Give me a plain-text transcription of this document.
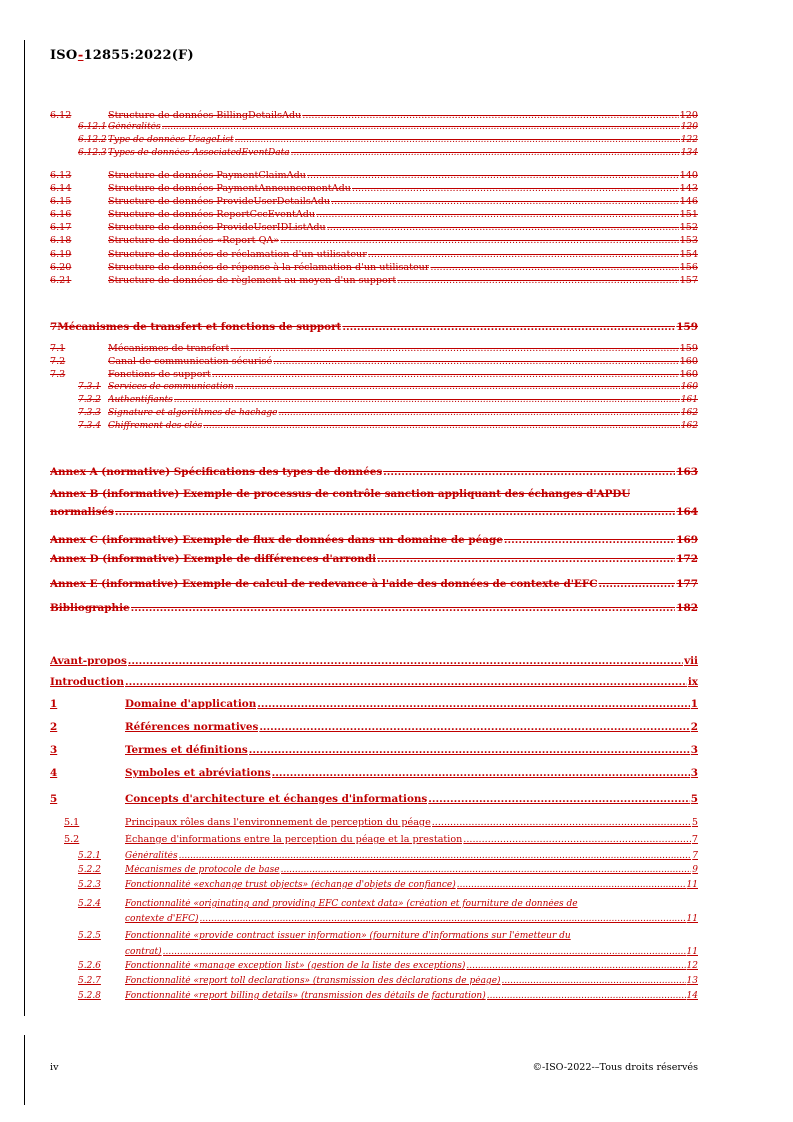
ISO-12855:2022(F)
6.12	Structure de données BillingDetailsAdu .....	120
6.12.1 Généralités .....	120
6.12.2 Type de données UsageList .....	122
6.12.3 Types de données AssociatedEventData .....	134
6.13	Structure de données PaymentClaimAdu .....	140
6.14	Structure de données PaymentAnnouncementAdu .....	143
6.15	Structure de données ProvideUserDetailsAdu .....	146
6.16	Structure de données ReportCccEventAdu .....	151
6.17	Structure de données ProvideUserIDListAdu .....	152
6.18	Structure de données «Report QA» .....	153
6.19	Structure de données de réclamation d'un utilisateur .....	154
6.20	Structure de données de réponse à la réclamation d'un utilisateur .....	156
6.21	Structure de données de règlement au moyen d'un support .....	157
7 Mécanismes de transfert et fonctions de support .....	159
7.1	Mécanismes de transfert .....	159
7.2	Canal de communication sécurisé .....	160
7.3	Fonctions de support .....	160
7.3.1 Services de communication .....	160
7.3.2 Authentifiants .....	161
7.3.3 Signature et algorithmes de hachage .....	162
7.3.4 Chiffrement des clés .....	162
Annex A (normative) Spécifications des types de données .....	163
Annex B (informative) Exemple de processus de contrôle sanction appliquant des échanges d'APDU
normalisés .....	164
Annex C (informative) Exemple de flux de données dans un domaine de péage .....	169
Annex D (informative) Exemple de différences d'arrondi .....	172
Annex E (informative) Exemple de calcul de redevance à l'aide des données de contexte d'EFC .....	177
Bibliographie .....	182
Avant-propos .....	vii
Introduction .....	ix
1	Domaine d'application .....	1
2	Références normatives .....	2
3	Termes et définitions .....	3
4	Symboles et abréviations .....	3
5	Concepts d'architecture et échanges d'informations .....	5
5.1	Principaux rôles dans l'environnement de perception du péage .....	5
5.2	Échange d'informations entre la perception du péage et la prestation .....	7
5.2.1	Généralités .....	7
5.2.2	Mécanismes de protocole de base .....	9
5.2.3	Fonctionnalité «exchange trust objects» (échange d'objets de confiance) .....	11
5.2.4	Fonctionnalité «originating and providing EFC context data» (création et fourniture de données de
contexte d'EFC) .....	11
5.2.5	Fonctionnalité «provide contract issuer information» (fourniture d'informations sur l'émetteur du
contrat) .....	11
5.2.6	Fonctionnalité «manage exception list» (gestion de la liste des exceptions) .....	12
5.2.7	Fonctionnalité «report toll declarations» (transmission des déclarations de péage) .....	13
5.2.8	Fonctionnalité «report billing details» (transmission des détails de facturation) .....	14
iv	©-ISO-2022-–Tous droits réservés
